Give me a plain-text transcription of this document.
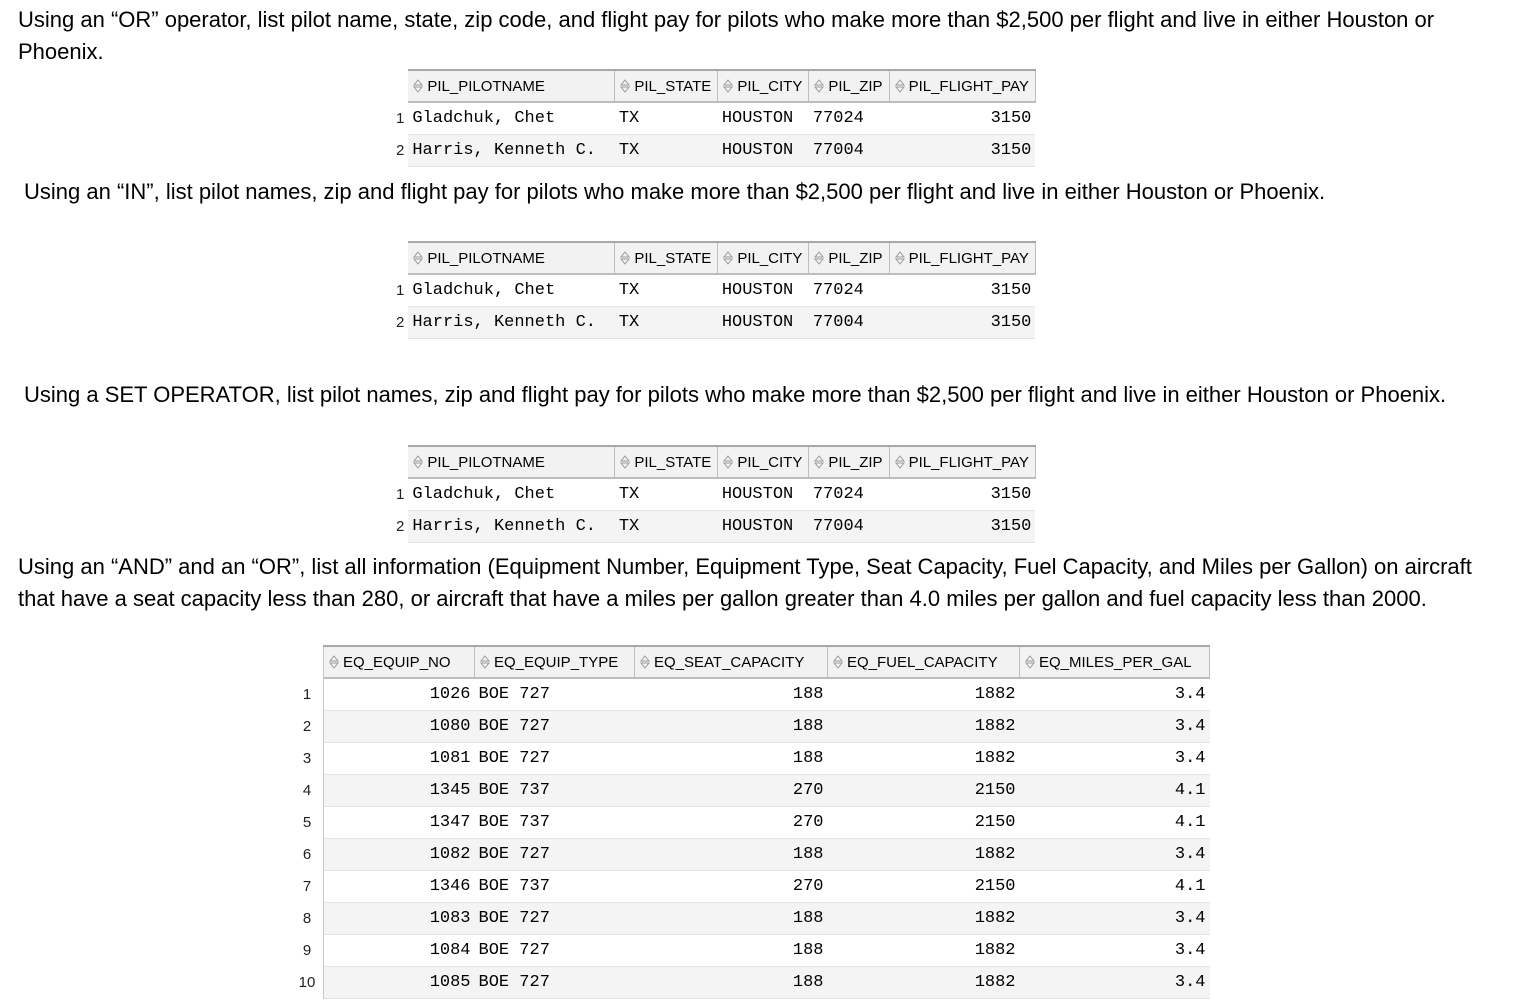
Using an “OR” operator, list pilot name, state, zip code, and flight pay for pilots who make more than $2,500 per flight and live in either Houston or Phoenix.

	PIL_PILOTNAME	PIL_STATE	PIL_CITY	PIL_ZIP	PIL_FLIGHT_PAY
1	Gladchuk, Chet	TX	HOUSTON	77024	3150
2	Harris, Kenneth C.	TX	HOUSTON	77004	3150

Using an “IN”, list pilot names, zip and flight pay for pilots who make more than $2,500 per flight and live in either Houston or Phoenix.

	PIL_PILOTNAME	PIL_STATE	PIL_CITY	PIL_ZIP	PIL_FLIGHT_PAY
1	Gladchuk, Chet	TX	HOUSTON	77024	3150
2	Harris, Kenneth C.	TX	HOUSTON	77004	3150

Using a SET OPERATOR, list pilot names, zip and flight pay for pilots who make more than $2,500 per flight and live in either Houston or Phoenix.

	PIL_PILOTNAME	PIL_STATE	PIL_CITY	PIL_ZIP	PIL_FLIGHT_PAY
1	Gladchuk, Chet	TX	HOUSTON	77024	3150
2	Harris, Kenneth C.	TX	HOUSTON	77004	3150

Using an “AND” and an “OR”, list all information (Equipment Number, Equipment Type, Seat Capacity, Fuel Capacity, and Miles per Gallon) on aircraft that have a seat capacity less than 280, or aircraft that have a miles per gallon greater than 4.0 miles per gallon and fuel capacity less than 2000.

	EQ_EQUIP_NO	EQ_EQUIP_TYPE	EQ_SEAT_CAPACITY	EQ_FUEL_CAPACITY	EQ_MILES_PER_GAL
1	1026	BOE 727	188	1882	3.4
2	1080	BOE 727	188	1882	3.4
3	1081	BOE 727	188	1882	3.4
4	1345	BOE 737	270	2150	4.1
5	1347	BOE 737	270	2150	4.1
6	1082	BOE 727	188	1882	3.4
7	1346	BOE 737	270	2150	4.1
8	1083	BOE 727	188	1882	3.4
9	1084	BOE 727	188	1882	3.4
10	1085	BOE 727	188	1882	3.4
